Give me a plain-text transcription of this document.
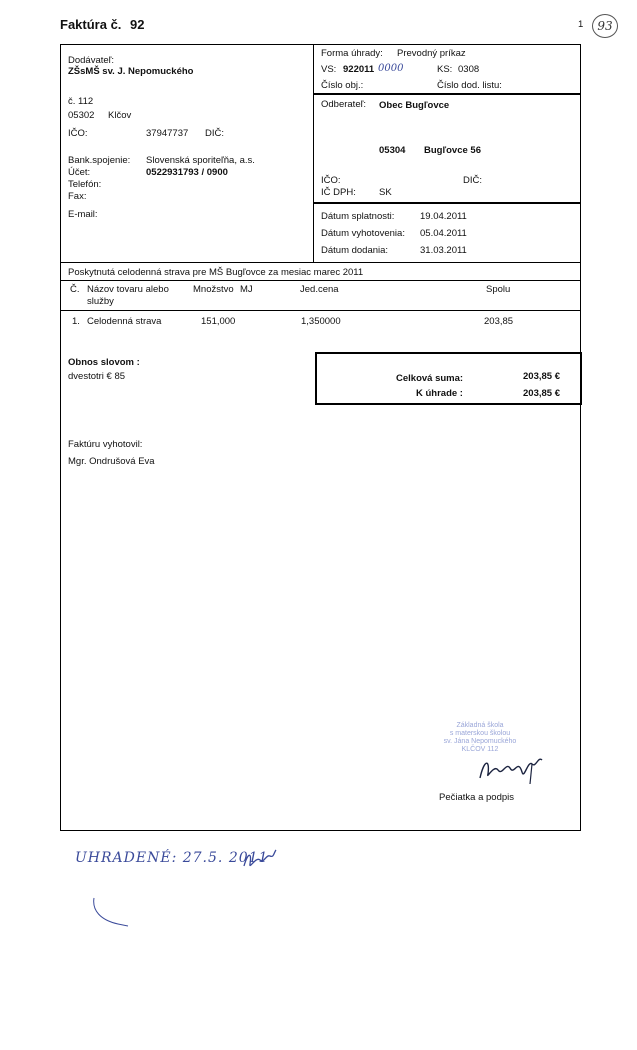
Faktúra č. 92	1	93
Dodávateľ:
ZŠsMŠ sv. J. Nepomuckého
č. 112
05302 Klčov
IČO:	37947737 DIČ:
Bank.spojenie: Slovenská sporiteľňa, a.s.
Účet:	0522931793 / 0900
Telefón:
Fax:
E-mail:
Forma úhrady: Prevodný príkaz
VS: 922011 0000	KS: 0308
Číslo obj.:	Číslo dod. listu:
Odberateľ: Obec Bugľovce
05304 Bugľovce 56
IČO:	DIČ:
IČ DPH: SK
Dátum splatnosti:	19.04.2011
Dátum vyhotovenia: 05.04.2011
Dátum dodania:	31.03.2011
Poskytnutá celodenná strava pre MŠ Bugľovce za mesiac marec 2011
Č. Názov tovaru alebo
služby
Množstvo MJ	Jed.cena	Spolu
1. Celodenná strava	151,000	1,350000	203,85
Obnos slovom :
dvestotri € 85	Celková suma:	203,85 €
K úhrade :	203,85 €
Faktúru vyhotovil:
Mgr. Ondrušová Eva
Základná škola
s materskou školou
sv. Jána Nepomuckého
KLČOV 112
Pečiatka a podpis
UHRADENÉ: 27.5. 2011
